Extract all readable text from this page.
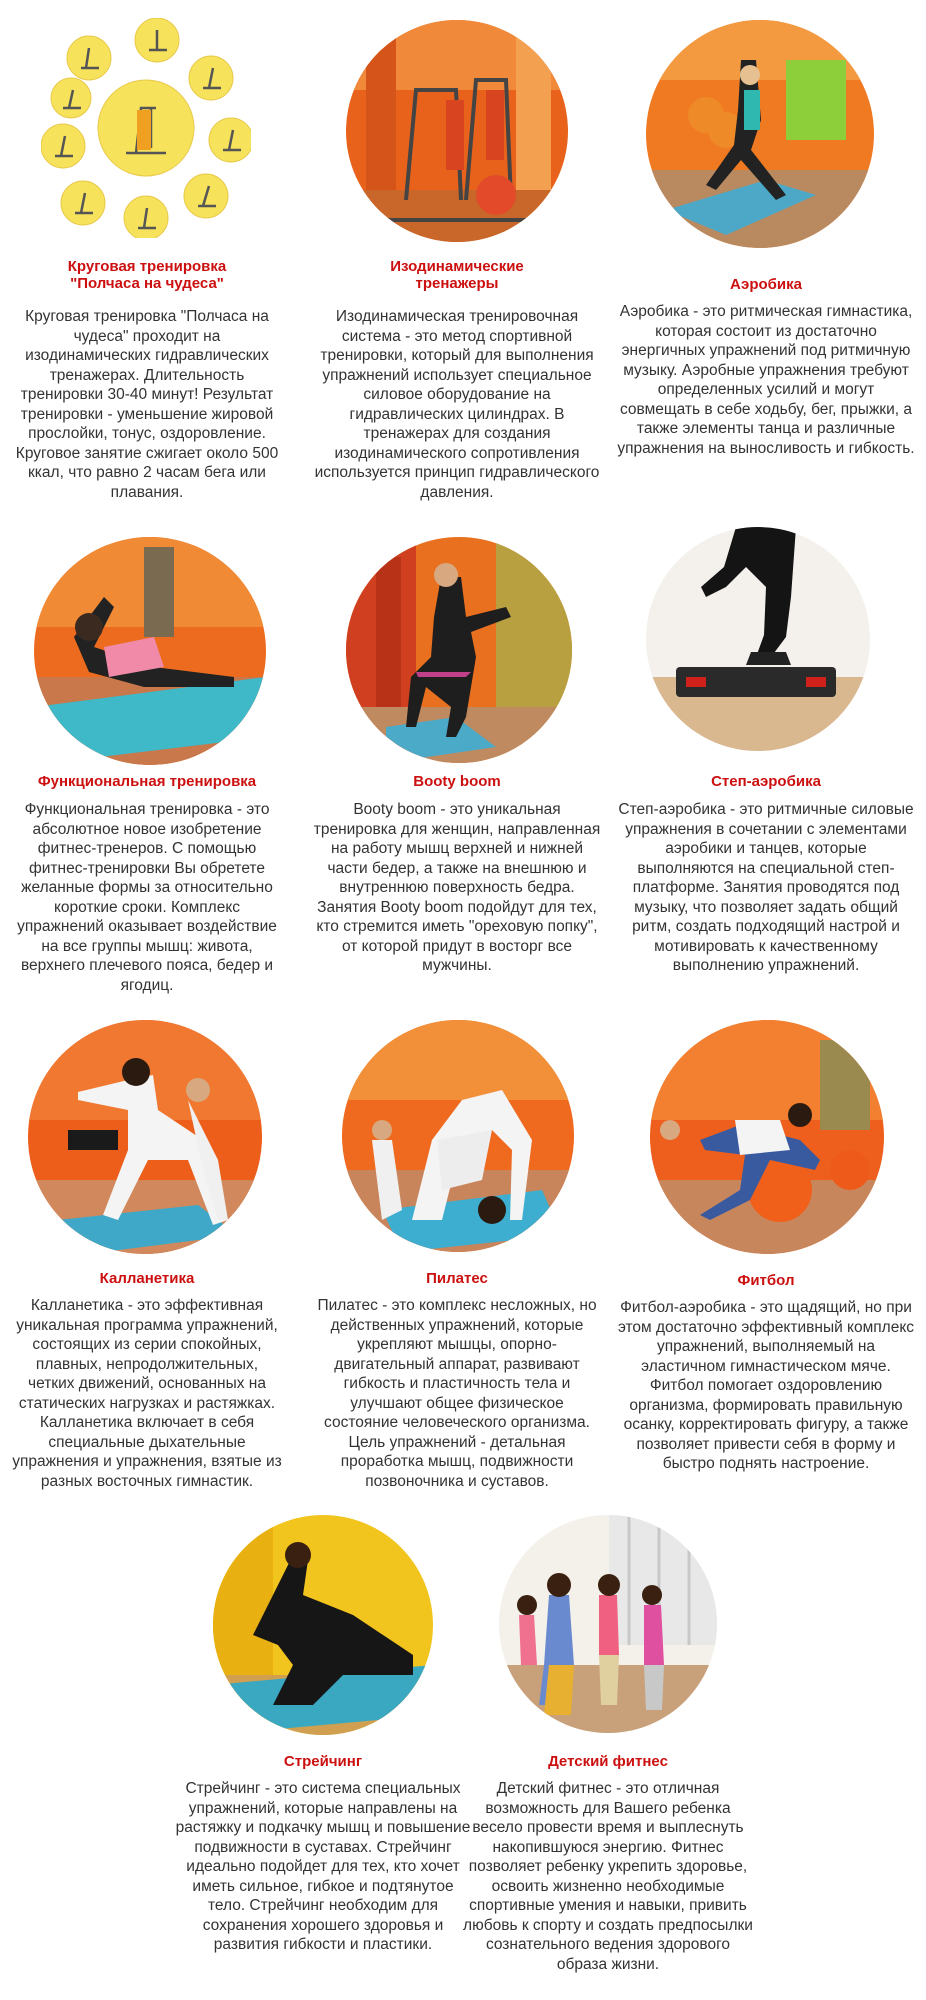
Круговая тренировка
"Полчаса на чудеса"
Круговая тренировка "Полчаса на чудеса" проходит на изодинамических гидравлических тренажерах. Длительность тренировки 30-40 минут! Результат тренировки - уменьшение жировой прослойки, тонус, оздоровление. Круговое занятие сжигает около 500 ккал, что равно 2 часам бега или плавания.
Изодинамические
тренажеры
Изодинамическая тренировочная система - это метод спортивной тренировки, который для выполнения упражнений использует специальное силовое оборудование на гидравлических цилиндрах. В тренажерах для создания изодинамического сопротивления используется принцип гидравлического давления.
Аэробика
Аэробика - это ритмическая гимнастика, которая состоит из достаточно энергичных упражнений под ритмичную музыку. Аэробные упражнения требуют определенных усилий и могут совмещать в себе ходьбу, бег, прыжки, а также элементы танца и различные упражнения на выносливость и гибкость.
Функциональная тренировка
Функциональная тренировка - это абсолютное новое изобретение фитнес-тренеров. С помощью фитнес-тренировки Вы обретете желанные формы за относительно короткие сроки. Комплекс упражнений оказывает воздействие на все группы мышц: живота, верхнего плечевого пояса, бедер и ягодиц.
Booty boom
Booty boom - это уникальная тренировка для женщин, направленная на работу мышц верхней и нижней части бедер, а также на внешнюю и внутреннюю поверхность бедра. Занятия Booty boom подойдут для тех, кто стремится иметь "ореховую попку", от которой придут в восторг все мужчины.
Степ-аэробика
Степ-аэробика - это ритмичные силовые упражнения в сочетании с элементами аэробики и танцев, которые выполняются на специальной степ-платформе. Занятия проводятся под музыку, что позволяет задать общий ритм, создать подходящий настрой и мотивировать к качественному выполнению упражнений.
Калланетика
Калланетика - это эффективная уникальная программа упражнений, состоящих из серии спокойных, плавных, непродолжительных, четких движений, основанных на статических нагрузках и растяжках. Калланетика включает в себя специальные дыхательные упражнения и упражнения, взятые из разных восточных гимнастик.
Пилатес
Пилатес - это комплекс несложных, но действенных упражнений, которые укрепляют мышцы, опорно-двигательный аппарат, развивают гибкость и пластичность тела и улучшают общее физическое состояние человеческого организма. Цель упражнений - детальная проработка мышц, подвижности позвоночника и суставов.
Фитбол
Фитбол-аэробика - это щадящий, но при этом достаточно эффективный комплекс упражнений, выполняемый на эластичном гимнастическом мяче. Фитбол помогает оздоровлению организма, формировать правильную осанку, корректировать фигуру, а также позволяет привести себя в форму и быстро поднять настроение.
Стрейчинг
Стрейчинг - это система специальных упражнений, которые направлены на растяжку и подкачку мышц и повышение подвижности в суставах. Стрейчинг идеально подойдет для тех, кто хочет иметь сильное, гибкое и подтянутое тело. Стрейчинг необходим для сохранения хорошего здоровья и развития гибкости и пластики.
Детский фитнес
Детский фитнес - это отличная возможность для Вашего ребенка весело провести время и выплеснуть накопившуюся энергию. Фитнес позволяет ребенку укрепить здоровье, освоить жизненно необходимые спортивные умения и навыки, привить любовь к спорту и создать предпосылки сознательного ведения здорового образа жизни.
